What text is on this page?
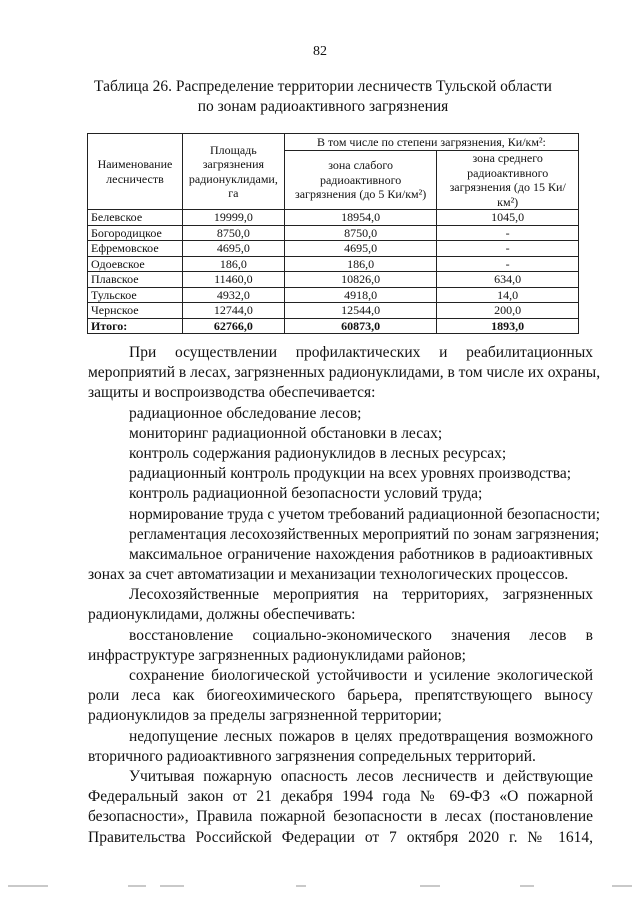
82
Таблица 26. Распределение территории лесничеств Тульской области
по зонам радиоактивного загрязнения
Наименование лесничеств	Площадь загрязнения радионуклидами, га	В том числе по степени загрязнения, Ки/км²:	
		зона слабого радиоактивного загрязнения (до 5 Ки/км²)	зона среднего радиоактивного загрязнения (до 15 Ки/км²)
Белевское	19999,0	18954,0	1045,0
Богородицкое	8750,0	8750,0	-
Ефремовское	4695,0	4695,0	-
Одоевское	186,0	186,0	-
Плавское	11460,0	10826,0	634,0
Тульское	4932,0	4918,0	14,0
Чернское	12744,0	12544,0	200,0
Итого:	62766,0	60873,0	1893,0
При осуществлении профилактических и реабилитационных
мероприятий в лесах, загрязненных радионуклидами, в том числе их охраны,
защиты и воспроизводства обеспечивается:
радиационное обследование лесов;
мониторинг радиационной обстановки в лесах;
контроль содержания радионуклидов в лесных ресурсах;
радиационный контроль продукции на всех уровнях производства;
контроль радиационной безопасности условий труда;
нормирование труда с учетом требований радиационной безопасности;
регламентация лесохозяйственных мероприятий по зонам загрязнения;
максимальное ограничение нахождения работников в радиоактивных
зонах за счет автоматизации и механизации технологических процессов.
Лесохозяйственные мероприятия на территориях, загрязненных
радионуклидами, должны обеспечивать:
восстановление социально-экономического значения лесов в
инфраструктуре загрязненных радионуклидами районов;
сохранение биологической устойчивости и усиление экологической
роли леса как биогеохимического барьера, препятствующего выносу
радионуклидов за пределы загрязненной территории;
недопущение лесных пожаров в целях предотвращения возможного
вторичного радиоактивного загрязнения сопредельных территорий.
Учитывая пожарную опасность лесов лесничеств и действующие
Федеральный закон от 21 декабря 1994 года № 69-ФЗ «О пожарной
безопасности», Правила пожарной безопасности в лесах (постановление
Правительства Российской Федерации от 7 октября 2020 г. № 1614,
